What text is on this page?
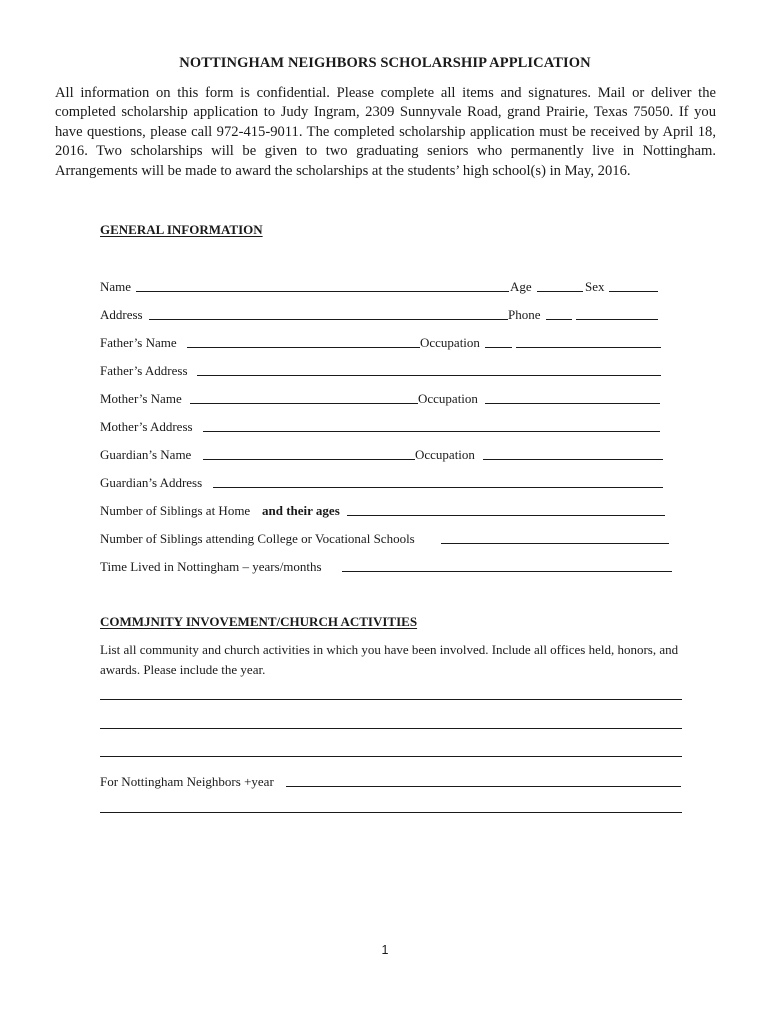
NOTTINGHAM NEIGHBORS SCHOLARSHIP APPLICATION

All information on this form is confidential. Please complete all items and signatures. Mail or deliver the completed scholarship application to Judy Ingram, 2309 Sunnyvale Road, grand Prairie, Texas 75050. If you have questions, please call 972-415-9011. The completed scholarship application must be received by April 18, 2016. Two scholarships will be given to two graduating seniors who permanently live in Nottingham. Arrangements will be made to award the scholarships at the students’ high school(s) in May, 2016.

GENERAL INFORMATION
Name	Age	Sex
Address	Phone
Father’s Name	Occupation
Father’s Address
Mother’s Name	Occupation
Mother’s Address
Guardian’s Name	Occupation
Guardian’s Address
Number of Siblings at Home and their ages
Number of Siblings attending College or Vocational Schools
Time Lived in Nottingham – years/months
COMMJNITY INVOVEMENT/CHURCH ACTIVITIES

List all community and church activities in which you have been involved. Include all offices held, honors, and awards. Please include the year.

For Nottingham Neighbors +year
1
